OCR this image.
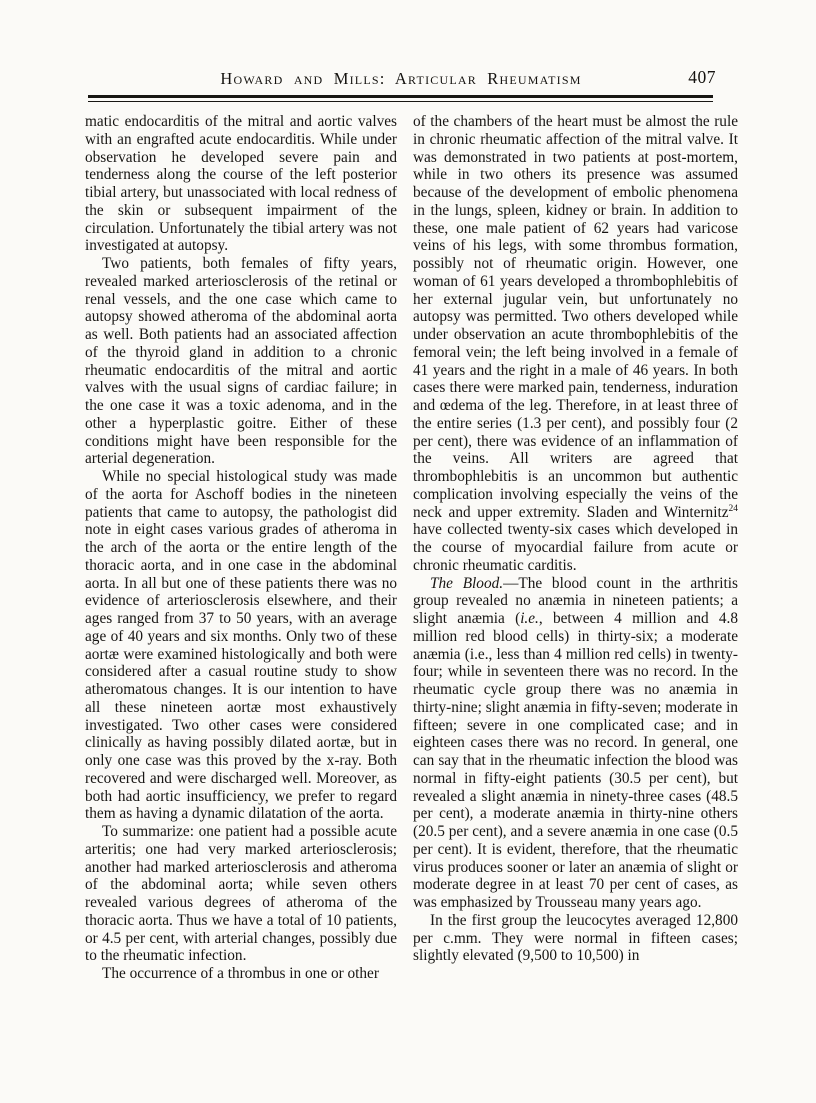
Howard and Mills: Articular Rheumatism	407

matic endocarditis of the mitral and aortic valves with an engrafted acute endocarditis. While under observation he developed severe pain and tenderness along the course of the left posterior tibial artery, but unassociated with local redness of the skin or subsequent impairment of the circulation. Unfortunately the tibial artery was not investigated at autopsy.

Two patients, both females of fifty years, revealed marked arteriosclerosis of the retinal or renal vessels, and the one case which came to autopsy showed atheroma of the abdominal aorta as well. Both patients had an associated affection of the thyroid gland in addition to a chronic rheumatic endocarditis of the mitral and aortic valves with the usual signs of cardiac failure; in the one case it was a toxic adenoma, and in the other a hyperplastic goitre. Either of these conditions might have been responsible for the arterial degeneration.

While no special histological study was made of the aorta for Aschoff bodies in the nineteen patients that came to autopsy, the pathologist did note in eight cases various grades of atheroma in the arch of the aorta or the entire length of the thoracic aorta, and in one case in the abdominal aorta. In all but one of these patients there was no evidence of arteriosclerosis elsewhere, and their ages ranged from 37 to 50 years, with an average age of 40 years and six months. Only two of these aortæ were examined histologically and both were considered after a casual routine study to show atheromatous changes. It is our intention to have all these nineteen aortæ most exhaustively investigated. Two other cases were considered clinically as having possibly dilated aortæ, but in only one case was this proved by the x-ray. Both recovered and were discharged well. Moreover, as both had aortic insufficiency, we prefer to regard them as having a dynamic dilatation of the aorta.

To summarize: one patient had a possible acute arteritis; one had very marked arteriosclerosis; another had marked arteriosclerosis and atheroma of the abdominal aorta; while seven others revealed various degrees of atheroma of the thoracic aorta. Thus we have a total of 10 patients, or 4.5 per cent, with arterial changes, possibly due to the rheumatic infection.

The occurrence of a thrombus in one or other

of the chambers of the heart must be almost the rule in chronic rheumatic affection of the mitral valve. It was demonstrated in two patients at post-mortem, while in two others its presence was assumed because of the development of embolic phenomena in the lungs, spleen, kidney or brain. In addition to these, one male patient of 62 years had varicose veins of his legs, with some thrombus formation, possibly not of rheumatic origin. However, one woman of 61 years developed a thrombophlebitis of her external jugular vein, but unfortunately no autopsy was permitted. Two others developed while under observation an acute thrombophlebitis of the femoral vein; the left being involved in a female of 41 years and the right in a male of 46 years. In both cases there were marked pain, tenderness, induration and œdema of the leg. Therefore, in at least three of the entire series (1.3 per cent), and possibly four (2 per cent), there was evidence of an inflammation of the veins. All writers are agreed that thrombophlebitis is an uncommon but authentic complication involving especially the veins of the neck and upper extremity. Sladen and Winternitz$^{24}$ have collected twenty-six cases which developed in the course of myocardial failure from acute or chronic rheumatic carditis.

The Blood.—The blood count in the arthritis group revealed no anæmia in nineteen patients; a slight anæmia (i.e., between 4 million and 4.8 million red blood cells) in thirty-six; a moderate anæmia (i.e., less than 4 million red cells) in twenty-four; while in seventeen there was no record. In the rheumatic cycle group there was no anæmia in thirty-nine; slight anæmia in fifty-seven; moderate in fifteen; severe in one complicated case; and in eighteen cases there was no record. In general, one can say that in the rheumatic infection the blood was normal in fifty-eight patients (30.5 per cent), but revealed a slight anæmia in ninety-three cases (48.5 per cent), a moderate anæmia in thirty-nine others (20.5 per cent), and a severe anæmia in one case (0.5 per cent). It is evident, therefore, that the rheumatic virus produces sooner or later an anæmia of slight or moderate degree in at least 70 per cent of cases, as was emphasized by Trousseau many years ago.

In the first group the leucocytes averaged 12,800 per c.mm. They were normal in fifteen cases; slightly elevated (9,500 to 10,500) in
